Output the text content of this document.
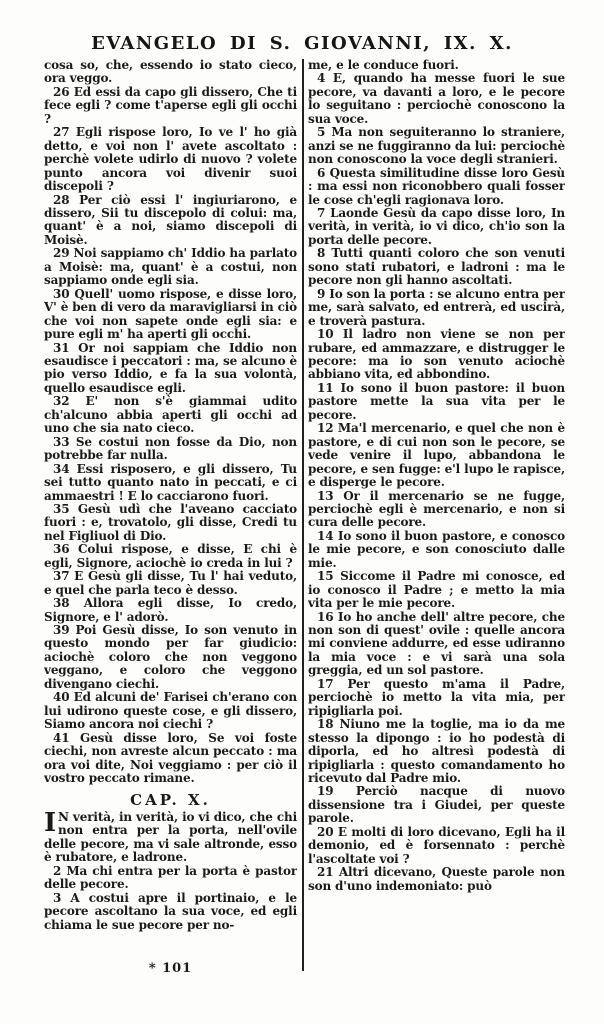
EVANGELO DI S. GIOVANNI, IX. X.

cosa so, che, essendo io stato cieco, ora veggo.

26 Ed essi da capo gli dissero, Che ti fece egli ? come t'aperse egli gli occhi ?

27 Egli rispose loro, Io ve l' ho già detto, e voi non l' avete ascoltato : perchè volete udirlo di nuovo ? volete punto ancora voi divenir suoi discepoli ?

28 Per ciò essi l' ingiuriarono, e dissero, Sii tu discepolo di colui: ma, quant' è a noi, siamo discepoli di Moisè.

29 Noi sappiamo ch' Iddio ha parlato a Moisè: ma, quant' è a costui, non sappiamo onde egli sia.

30 Quell' uomo rispose, e disse loro, V' è ben di vero da maravigliarsi in ciò che voi non sapete onde egli sia: e pure egli m' ha aperti gli occhi.

31 Or noi sappiam che Iddio non esaudisce i peccatori : ma, se alcuno è pio verso Iddio, e fa la sua volontà, quello esaudisce egli.

32 E' non s'è giammai udito ch'alcuno abbia aperti gli occhi ad uno che sia nato cieco.

33 Se costui non fosse da Dio, non potrebbe far nulla.

34 Essi risposero, e gli dissero, Tu sei tutto quanto nato in peccati, e ci ammaestri ! E lo cacciarono fuori.

35 Gesù udì che l'aveano cacciato fuori : e, trovatolo, gli disse, Credi tu nel Figliuol di Dio.

36 Colui rispose, e disse, E chi è egli, Signore, aciochè io creda in lui ?

37 E Gesù gli disse, Tu l' hai veduto, e quel che parla teco è desso.

38 Allora egli disse, Io credo, Signore, e l' adorò.

39 Poi Gesù disse, Io son venuto in questo mondo per far giudicio: aciochè coloro che non veggono veggano, e coloro che veggono divengano ciechi.

40 Ed alcuni de' Farisei ch'erano con lui udirono queste cose, e gli dissero, Siamo ancora noi ciechi ?

41 Gesù disse loro, Se voi foste ciechi, non avreste alcun peccato : ma ora voi dite, Noi veggiamo : per ciò il vostro peccato rimane.

CAP. X.

I N verità, in verità, io vi dico, che chi non entra per la porta, nell'ovile delle pecore, ma vi sale altronde, esso è rubatore, e ladrone.

2 Ma chi entra per la porta è pastor delle pecore.

3 A costui apre il portinaio, e le pecore ascoltano la sua voce, ed egli chiama le sue pecore per no-

me, e le conduce fuori.

4 E, quando ha messe fuori le sue pecore, va davanti a loro, e le pecore lo seguitano : perciochè conoscono la sua voce.

5 Ma non seguiteranno lo straniere, anzi se ne fuggiranno da lui: perciochè non conoscono la voce degli stranieri.

6 Questa similitudine disse loro Gesù : ma essi non riconobbero quali fosser le cose ch'egli ragionava loro.

7 Laonde Gesù da capo disse loro, In verità, in verità, io vi dico, ch'io son la porta delle pecore.

8 Tutti quanti coloro che son venuti sono stati rubatori, e ladroni : ma le pecore non gli hanno ascoltati.

9 Io son la porta : se alcuno entra per me, sarà salvato, ed entrerà, ed uscirà, e troverà pastura.

10 Il ladro non viene se non per rubare, ed ammazzare, e distrugger le pecore: ma io son venuto aciochè abbiano vita, ed abbondino.

11 Io sono il buon pastore: il buon pastore mette la sua vita per le pecore.

12 Ma'l mercenario, e quel che non è pastore, e di cui non son le pecore, se vede venire il lupo, abbandona le pecore, e sen fugge: e'l lupo le rapisce, e disperge le pecore.

13 Or il mercenario se ne fugge, perciochè egli è mercenario, e non si cura delle pecore.

14 Io sono il buon pastore, e conosco le mie pecore, e son conosciuto dalle mie.

15 Siccome il Padre mi conosce, ed io conosco il Padre ; e metto la mia vita per le mie pecore.

16 Io ho anche dell' altre pecore, che non son di quest' ovile : quelle ancora mi conviene addurre, ed esse udiranno la mia voce : e vi sarà una sola greggia, ed un sol pastore.

17 Per questo m'ama il Padre, perciochè io metto la vita mia, per ripigliarla poi.

18 Niuno me la toglie, ma io da me stesso la dipongo : io ho podestà di diporla, ed ho altresì podestà di ripigliarla : questo comandamento ho ricevuto dal Padre mio.

19 Perciò nacque di nuovo dissensione tra i Giudei, per queste parole.

20 E molti di loro dicevano, Egli ha il demonio, ed è forsennato : perchè l'ascoltate voi ?

21 Altri dicevano, Queste parole non son d'uno indemoniato: può

* 101
